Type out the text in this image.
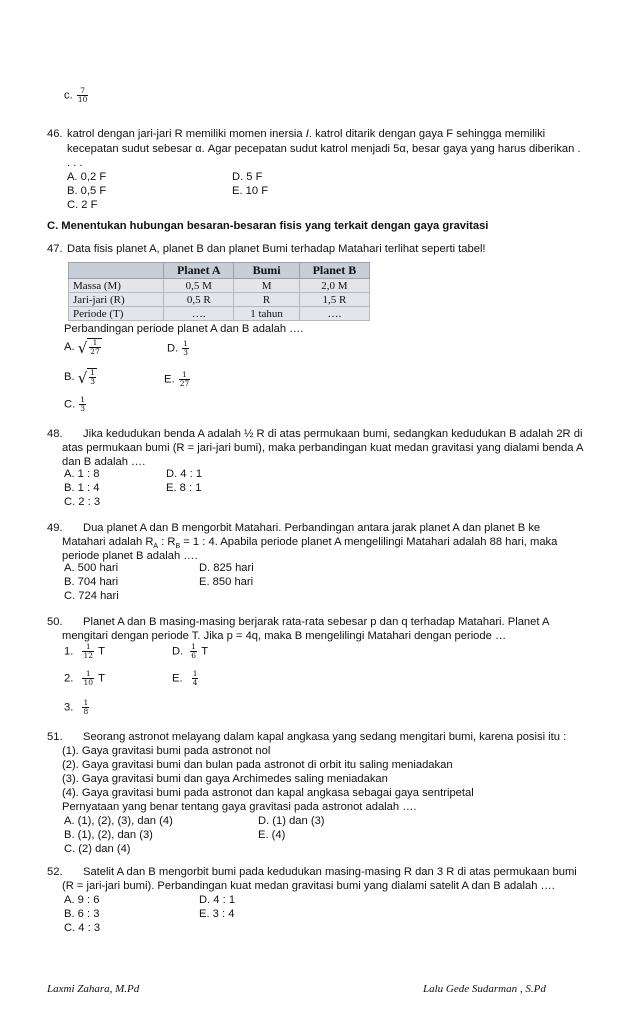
c. $\frac{7}{10}$
46. katrol dengan jari-jari R memiliki momen inersia I. katrol ditarik dengan gaya F sehingga memiliki
kecepatan sudut sebesar α. Agar pecepatan sudut katrol menjadi 5α, besar gaya yang harus diberikan .
. . .
A. 0,2 F
B. 0,5 F
C. 2 F
D. 5 F
E. 10 F
C. Menentukan hubungan besaran-besaran fisis yang terkait dengan gaya gravitasi
47. Data fisis planet A, planet B dan planet Bumi terhadap Matahari terlihat seperti tabel!
	Planet A	Bumi	Planet B
Massa (M)	0,5 M	M	2,0 M
Jari-jari (R)	0,5 R	R	1,5 R
Periode (T)	….	1 tahun	….
Perbandingan periode planet A dan B adalah ….
A. √ $\frac{1}{27}$	D. $\frac{1}{3}$
B. √ $\frac{1}{3}$	E. $\frac{1}{27}$
C. $\frac{1}{3}$
48. Jika kedudukan benda A adalah ½ R di atas permukaan bumi, sedangkan kedudukan B adalah 2R di
atas permukaan bumi (R = jari-jari bumi), maka perbandingan kuat medan gravitasi yang dialami benda A
dan B adalah ….
A. 1 : 8
B. 1 : 4
C. 2 : 3
D. 4 : 1
E. 8 : 1
49. Dua planet A dan B mengorbit Matahari. Perbandingan antara jarak planet A dan planet B ke
Matahari adalah $R_A$ : $R_B = 1$ : 4. Apabila periode planet A mengelilingi Matahari adalah 88 hari, maka
periode planet B adalah ….
A. 500 hari
B. 704 hari
C. 724 hari
D. 825 hari
E. 850 hari
50. Planet A dan B masing-masing berjarak rata-rata sebesar p dan q terhadap Matahari. Planet A
mengitari dengan periode T. Jika p = 4q, maka B mengelilingi Matahari dengan periode …
1. $\frac{1}{12}$ T	D. $\frac{1}{6}$ T
2. $\frac{1}{10}$ T	E. $\frac{1}{4}$
3. $\frac{1}{8}$
51. Seorang astronot melayang dalam kapal angkasa yang sedang mengitari bumi, karena posisi itu :
(1). Gaya gravitasi bumi pada astronot nol
(2). Gaya gravitasi bumi dan bulan pada astronot di orbit itu saling meniadakan
(3). Gaya gravitasi bumi dan gaya Archimedes saling meniadakan
(4). Gaya gravitasi bumi pada astronot dan kapal angkasa sebagai gaya sentripetal
Pernyataan yang benar tentang gaya gravitasi pada astronot adalah ….
A. (1), (2), (3), dan (4)
B. (1), (2), dan (3)
C. (2) dan (4)
D. (1) dan (3)
E. (4)
52. Satelit A dan B mengorbit bumi pada kedudukan masing-masing R dan 3 R di atas permukaan bumi
(R = jari-jari bumi). Perbandingan kuat medan gravitasi bumi yang dialami satelit A dan B adalah ….
A. 9 : 6
B. 6 : 3
C. 4 : 3
D. 4 : 1
E. 3 : 4
Laxmi Zahara, M.Pd	Lalu Gede Sudarman , S.Pd
